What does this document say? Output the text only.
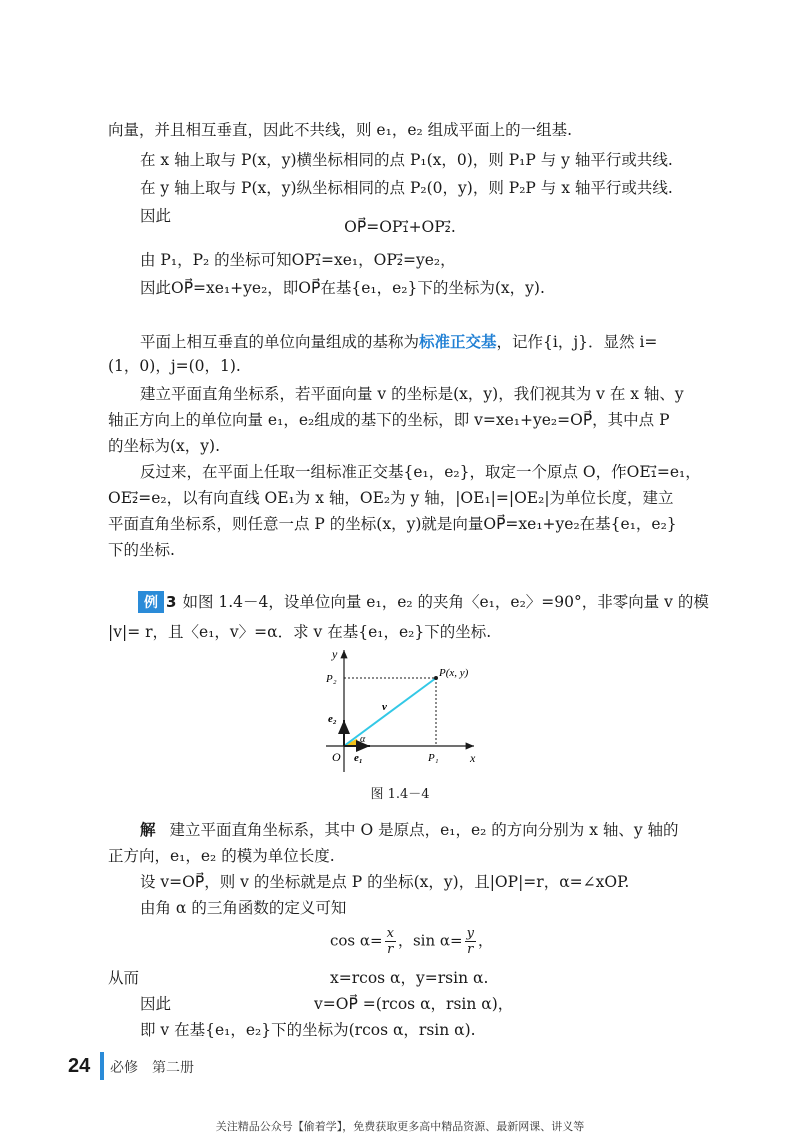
向量，并且相互垂直，因此不共线，则 e₁，e₂ 组成平面上的一组基.
在 x 轴上取与 P(x，y)横坐标相同的点 P₁(x，0)，则 P₁P 与 y 轴平行或共线.
在 y 轴上取与 P(x，y)纵坐标相同的点 P₂(0，y)，则 P₂P 与 x 轴平行或共线.
因此
OP⃗=OP₁⃗+OP₂⃗.
由 P₁，P₂ 的坐标可知OP₁⃗=xe₁，OP₂⃗=ye₂，
因此OP⃗=xe₁+ye₂，即OP⃗在基{e₁，e₂}下的坐标为(x，y).
平面上相互垂直的单位向量组成的基称为标准正交基，记作{i，j}．显然 i=
(1，0)，j=(0，1).
建立平面直角坐标系，若平面向量 v 的坐标是(x，y)，我们视其为 v 在 x 轴、y
轴正方向上的单位向量 e₁，e₂组成的基下的坐标，即 v=xe₁+ye₂=OP⃗，其中点 P
的坐标为(x，y).
反过来，在平面上任取一组标准正交基{e₁，e₂}，取定一个原点 O，作OE₁⃗=e₁，
OE₂⃗=e₂，以有向直线 OE₁为 x 轴，OE₂为 y 轴，|OE₁|=|OE₂|为单位长度，建立
平面直角坐标系，则任意一点 P 的坐标(x，y)就是向量OP⃗=xe₁+ye₂在基{e₁，e₂}
下的坐标.
例 3 如图 1.4－4，设单位向量 e₁，e₂ 的夹角〈e₁，e₂〉=90°，非零向量 v 的模
|v|= r，且〈e₁，v〉=α．求 v 在基{e₁，e₂}下的坐标.
y
x
O
P(x, y)
P₁
P₂
e₁
e₂
v
α
图 1.4－4
解 建立平面直角坐标系，其中 O 是原点，e₁，e₂ 的方向分别为 x 轴、y 轴的
正方向，e₁，e₂ 的模为单位长度.
设 v=OP⃗，则 v 的坐标就是点 P 的坐标(x，y)，且|OP|=r，α=∠xOP.
由角 α 的三角函数的定义可知
$\cos \alpha= \frac{x}{r}$ ，$\sin \alpha= \frac{y}{r}$ ，
从而	x=rcos α，y=rsin α.
因此	v=OP⃗ =(rcos α，rsin α)，
即 v 在基{e₁，e₂}下的坐标为(rcos α，rsin α).
24 必修　第二册
关注精品公众号【偷着学】，免费获取更多高中精品资源、最新网课、讲义等
